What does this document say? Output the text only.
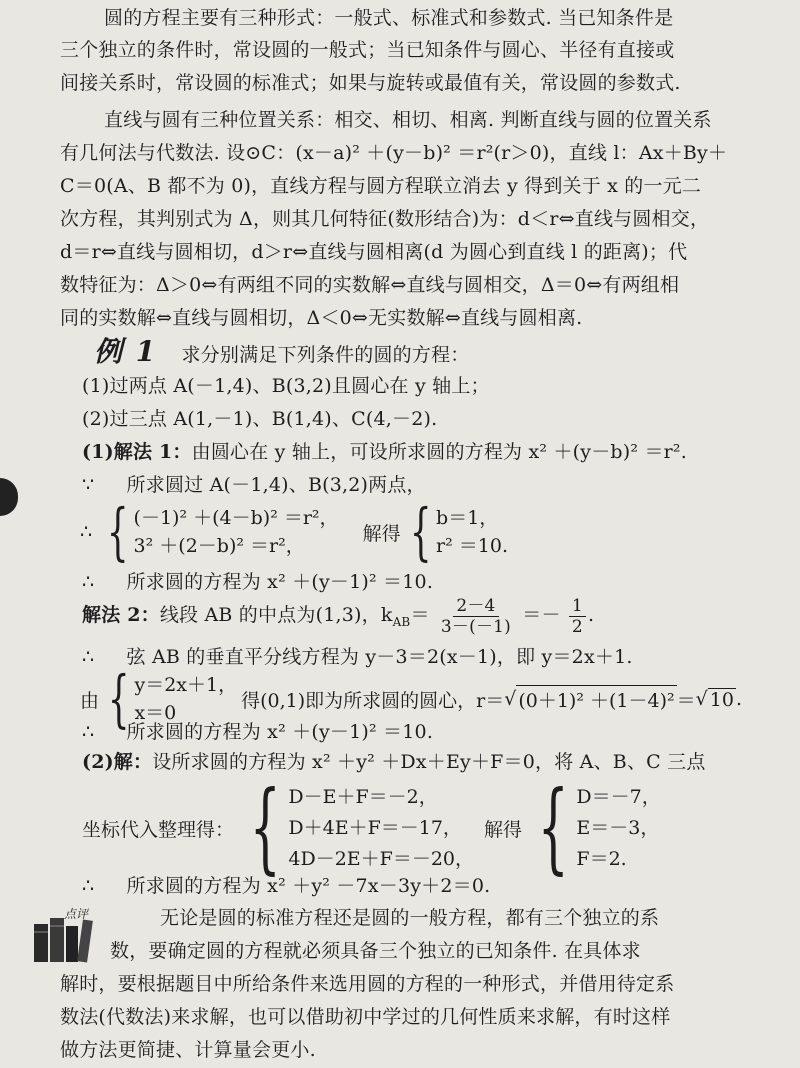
圆的方程主要有三种形式：一般式、标准式和参数式. 当已知条件是
三个独立的条件时，常设圆的一般式；当已知条件与圆心、半径有直接或
间接关系时，常设圆的标准式；如果与旋转或最值有关，常设圆的参数式.
直线与圆有三种位置关系：相交、相切、相离. 判断直线与圆的位置关系
有几何法与代数法. 设⊙C：(x－a)² ＋(y－b)² ＝r²(r＞0)，直线 l：Ax＋By＋
C＝0(A、B 都不为 0)，直线方程与圆方程联立消去 y 得到关于 x 的一元二
次方程，其判别式为 Δ，则其几何特征(数形结合)为：d＜r⇔直线与圆相交，
d＝r⇔直线与圆相切，d＞r⇔直线与圆相离(d 为圆心到直线 l 的距离)；代
数特征为：Δ＞0⇔有两组不同的实数解⇔直线与圆相交，Δ＝0⇔有两组相
同的实数解⇔直线与圆相切，Δ＜0⇔无实数解⇔直线与圆相离.
例 1 求分别满足下列条件的圆的方程：
(1)过两点 A(－1,4)、B(3,2)且圆心在 y 轴上；
(2)过三点 A(1,－1)、B(1,4)、C(4,－2).
(1)解法 1：由圆心在 y 轴上，可设所求圆的方程为 x² ＋(y－b)² ＝r².
∵ 所求圆过 A(－1,4)、B(3,2)两点，
∴ { (－1)² ＋(4－b)² ＝r²，
3² ＋(2－b)² ＝r²，
解得 { b＝1，
r² ＝10.
∴ 所求圆的方程为 x² ＋(y－1)² ＝10.
解法 2：线段 AB 的中点为(1,3)，$k_{AB}= \frac{2-4}{3-(-1)} =- \frac{1}{2}$ .
∴ 弦 AB 的垂直平分线方程为 y－3＝2(x－1)，即 y＝2x＋1.
由 { y＝2x＋1，
x＝0
得(0,1)即为所求圆的圆心，r＝ √ (0＋1)² ＋(1－4)² ＝ √ 10 .
∴ 所求圆的方程为 x² ＋(y－1)² ＝10.
(2)解：设所求圆的方程为 x² ＋y² ＋Dx＋Ey＋F＝0，将 A、B、C 三点
坐标代入整理得： { D－E＋F＝－2，
D＋4E＋F＝－17，
4D－2E＋F＝－20，
解得 { D＝－7，
E＝－3，
F＝2.
∴ 所求圆的方程为 x² ＋y² －7x－3y＋2＝0.
点评	无论是圆的标准方程还是圆的一般方程，都有三个独立的系
数，要确定圆的方程就必须具备三个独立的已知条件. 在具体求
解时，要根据题目中所给条件来选用圆的方程的一种形式，并借用待定系
数法(代数法)来求解，也可以借助初中学过的几何性质来求解，有时这样
做方法更简捷、计算量会更小.
